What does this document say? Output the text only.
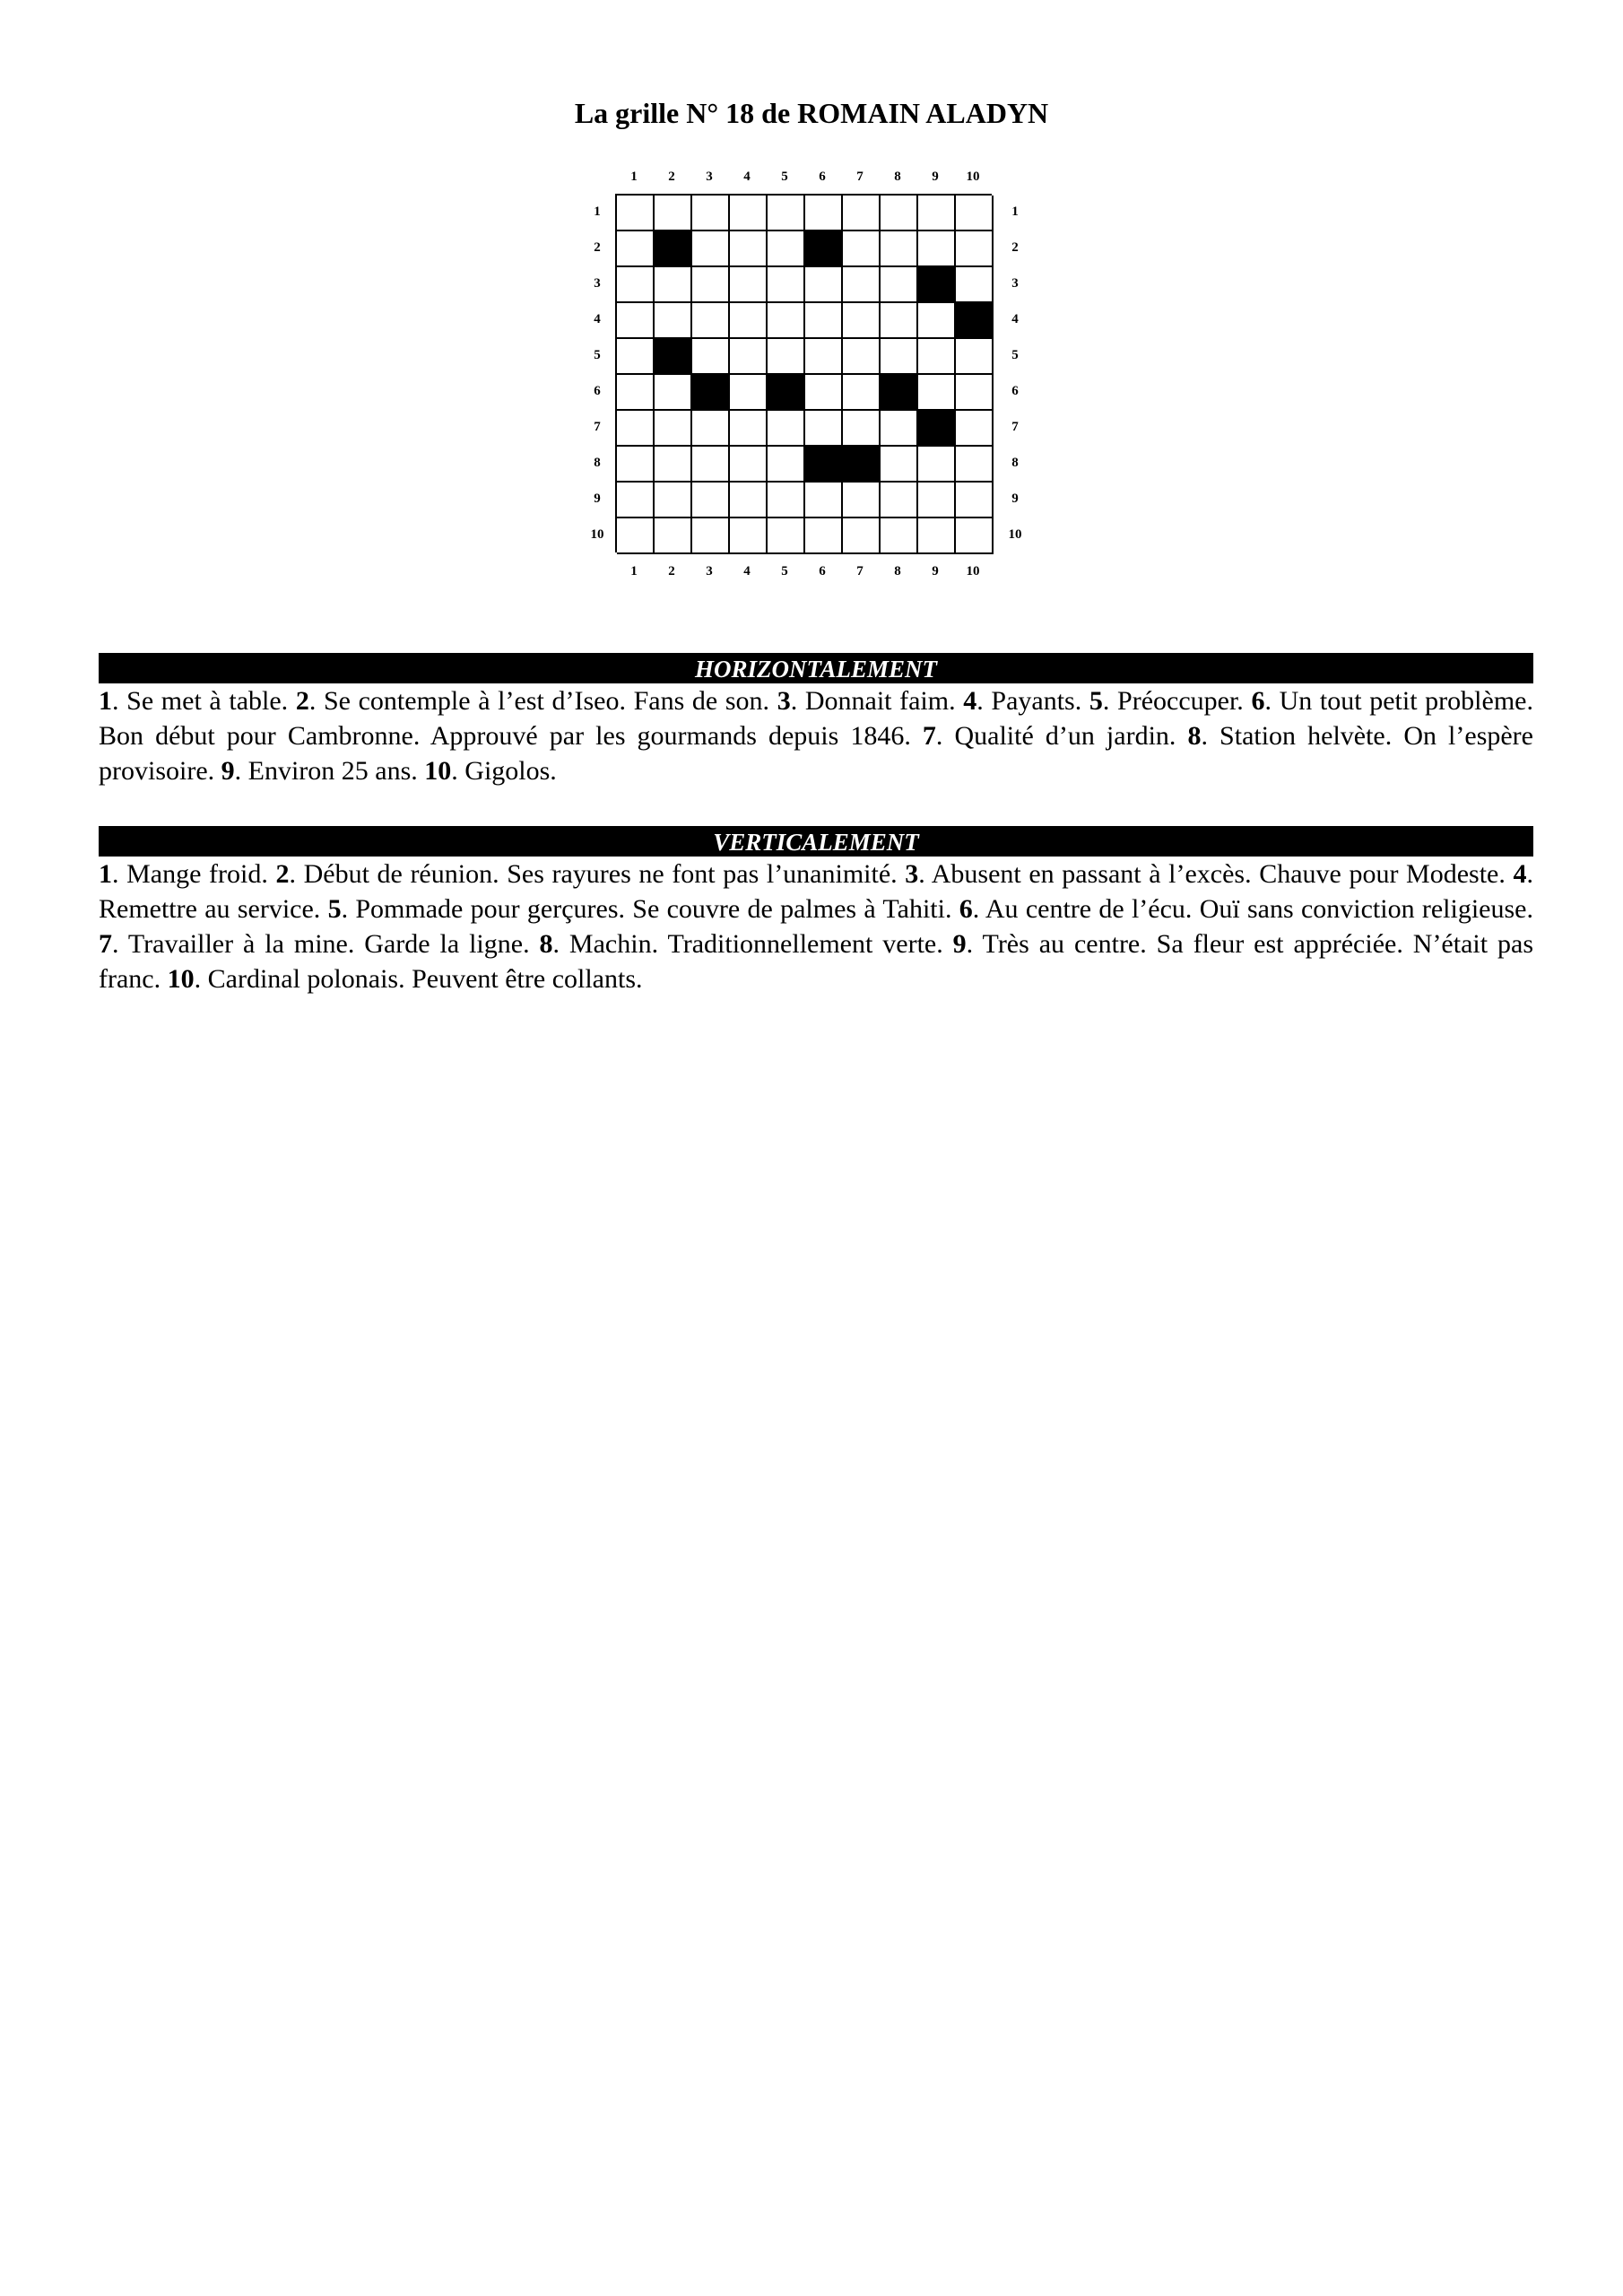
La grille N° 18 de ROMAIN ALADYN
1	2	3	4	5	6	7	8	9	10
1
2
3
4
5
6
7
8
9
10
1
2
3
4
5
6
7
8
9
10
1	2	3	4	5	6	7	8	9	10
HORIZONTALEMENT
1. Se met à table. 2. Se contemple à l’est d’Iseo. Fans de son. 3. Donnait faim. 4. Payants. 5. Préoccuper. 6. Un tout petit problème. Bon début pour Cambronne. Approuvé par les gourmands depuis 1846. 7. Qualité d’un jardin. 8. Station helvète. On l’espère provisoire. 9. Environ 25 ans. 10. Gigolos.
VERTICALEMENT
1. Mange froid. 2. Début de réunion. Ses rayures ne font pas l’unanimité. 3. Abusent en passant à l’excès. Chauve pour Modeste. 4. Remettre au service. 5. Pommade pour gerçures. Se couvre de palmes à Tahiti. 6. Au centre de l’écu. Ouï sans conviction religieuse. 7. Travailler à la mine. Garde la ligne. 8. Machin. Traditionnellement verte. 9. Très au centre. Sa fleur est appréciée. N’était pas franc. 10. Cardinal polonais. Peuvent être collants.
